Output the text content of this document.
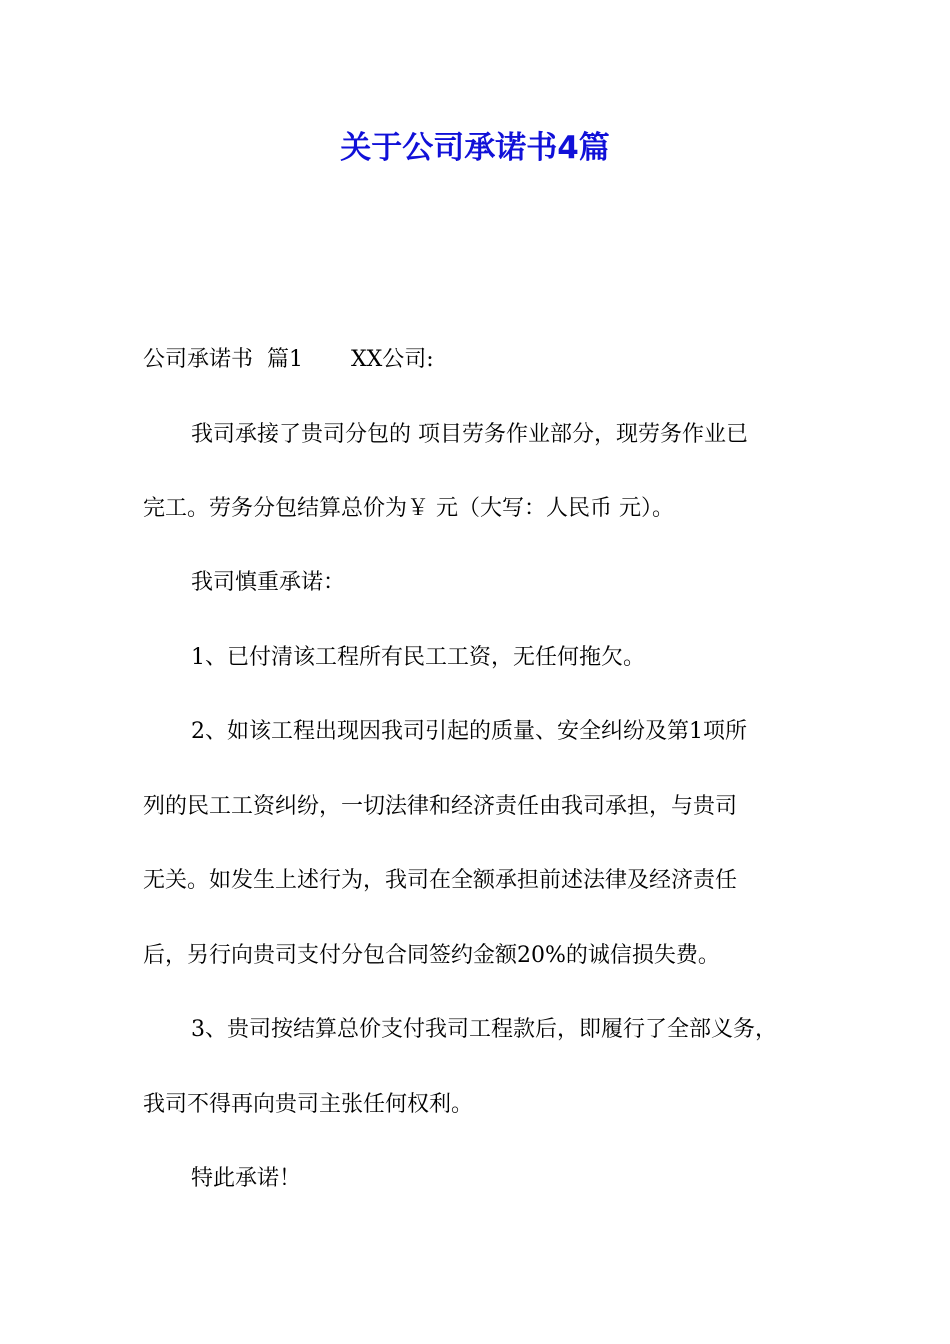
关于公司承诺书4篇
公司承诺书  篇1 XX公司:

我司承接了贵司分包的 项目劳务作业部分，现劳务作业已

完工。劳务分包结算总价为￥ 元（大写：人民币 元）。

我司慎重承诺：

1、已付清该工程所有民工工资，无任何拖欠。

2、如该工程出现因我司引起的质量、安全纠纷及第1项所

列的民工工资纠纷，一切法律和经济责任由我司承担，与贵司

无关。如发生上述行为，我司在全额承担前述法律及经济责任

后，另行向贵司支付分包合同签约金额20%的诚信损失费。

3、贵司按结算总价支付我司工程款后，即履行了全部义务，

我司不得再向贵司主张任何权利。

特此承诺！
